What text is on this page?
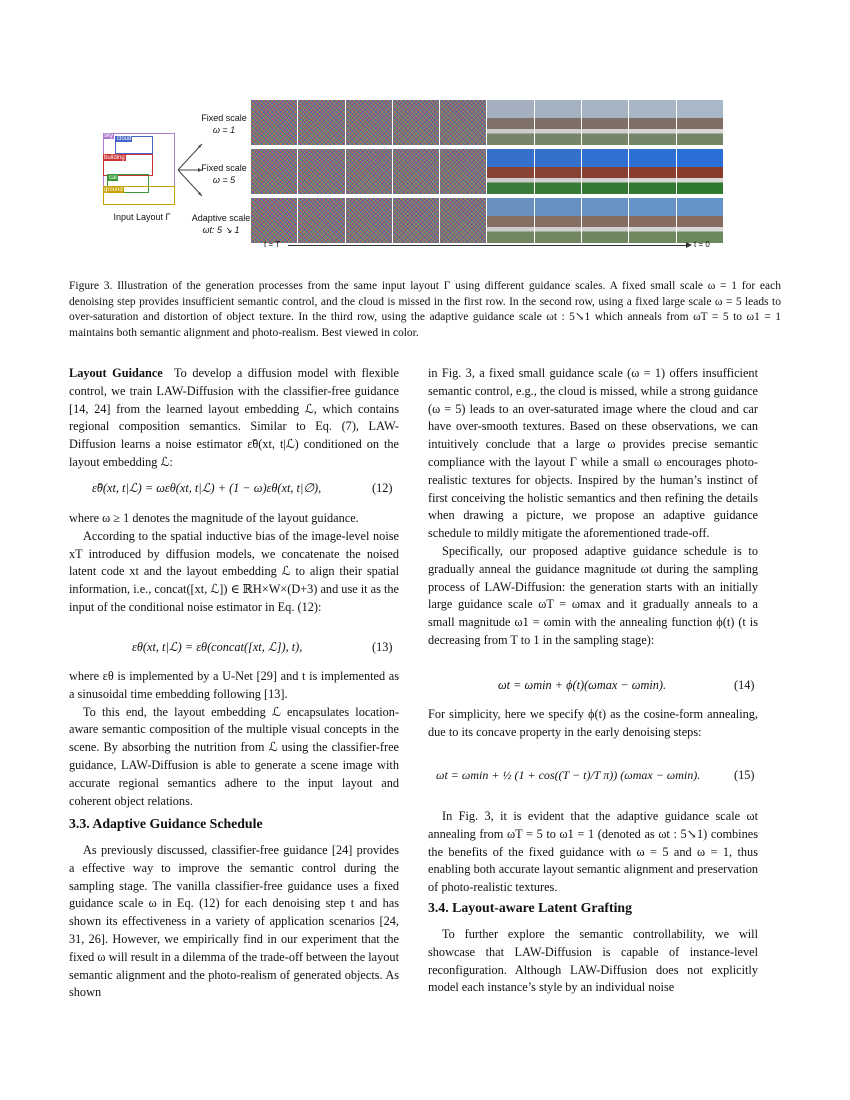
sky cloud
building
car
ground
Input Layout Γ
Fixed scale
ω = 1
Fixed scale
ω = 5
Adaptive scale
ωt: 5 ↘ 1
t = T	t = 0
Figure 3. Illustration of the generation processes from the same input layout Γ using different guidance scales. A fixed small scale ω = 1 for each denoising step provides insufficient semantic control, and the cloud is missed in the first row. In the second row, using a fixed large scale ω = 5 leads to over-saturation and distortion of object texture. In the third row, using the adaptive guidance scale ωt : 5↘1 which anneals from ωT = 5 to ω1 = 1 maintains both semantic alignment and photo-realism. Best viewed in color.

Layout Guidance To develop a diffusion model with flexible control, we train LAW-Diffusion with the classifier-free guidance [14, 24] from the learned layout embedding ℒ, which contains regional composition semantics. Similar to Eq. (7), LAW-Diffusion learns a noise estimator ε̃θ(xt, t|ℒ) conditioned on the layout embedding ℒ:

ε̃θ(xt, t|ℒ) = ωεθ(xt, t|ℒ) + (1 − ω)εθ(xt, t|∅),	(12)

where ω ≥ 1 denotes the magnitude of the layout guidance.

According to the spatial inductive bias of the image-level noise xT introduced by diffusion models, we concatenate the noised latent code xt and the layout embedding ℒ to align their spatial information, i.e., concat([xt, ℒ]) ∈ ℝH×W×(D+3) and use it as the input of the conditional noise estimator in Eq. (12):

εθ(xt, t|ℒ) = εθ(concat([xt, ℒ]), t),	(13)

where εθ is implemented by a U-Net [29] and t is implemented as a sinusoidal time embedding following [13].

To this end, the layout embedding ℒ encapsulates location-aware semantic composition of the multiple visual concepts in the scene. By absorbing the nutrition from ℒ using the classifier-free guidance, LAW-Diffusion is able to generate a scene image with accurate regional semantics adhere to the input layout and coherent object relations.

3.3. Adaptive Guidance Schedule

As previously discussed, classifier-free guidance [24] provides a effective way to improve the semantic control during the sampling stage. The vanilla classifier-free guidance uses a fixed guidance scale ω in Eq. (12) for each denoising step t and has shown its effectiveness in a variety of application scenarios [24, 31, 26]. However, we empirically find in our experiment that the fixed ω will result in a dilemma of the trade-off between the layout semantic alignment and the photo-realism of generated objects. As shown

in Fig. 3, a fixed small guidance scale (ω = 1) offers insufficient semantic control, e.g., the cloud is missed, while a strong guidance (ω = 5) leads to an over-saturated image where the cloud and car have over-smooth textures. Based on these observations, we can intuitively conclude that a large ω provides precise semantic compliance with the layout Γ while a small ω encourages photo-realistic textures for objects. Inspired by the human’s instinct of first conceiving the holistic semantics and then refining the details when drawing a picture, we propose an adaptive guidance schedule to mildly mitigate the aforementioned trade-off.

Specifically, our proposed adaptive guidance schedule is to gradually anneal the guidance magnitude ωt during the sampling process of LAW-Diffusion: the generation starts with an initially large guidance scale ωT = ωmax and it gradually anneals to a small magnitude ω1 = ωmin with the annealing function ϕ(t) (t is decreasing from T to 1 in the sampling stage):

ωt = ωmin + ϕ(t)(ωmax − ωmin).	(14)

For simplicity, here we specify ϕ(t) as the cosine-form annealing, due to its concave property in the early denoising steps:

ωt = ωmin + ½ (1 + cos((T − t)/T π)) (ωmax − ωmin).	(15)

In Fig. 3, it is evident that the adaptive guidance scale ωt annealing from ωT = 5 to ω1 = 1 (denoted as ωt : 5↘1) combines the benefits of the fixed guidance with ω = 5 and ω = 1, thus enabling both accurate layout semantic alignment and preservation of photo-realistic textures.

3.4. Layout-aware Latent Grafting

To further explore the semantic controllability, we will showcase that LAW-Diffusion is capable of instance-level reconfiguration. Although LAW-Diffusion does not explicitly model each instance’s style by an individual noise
